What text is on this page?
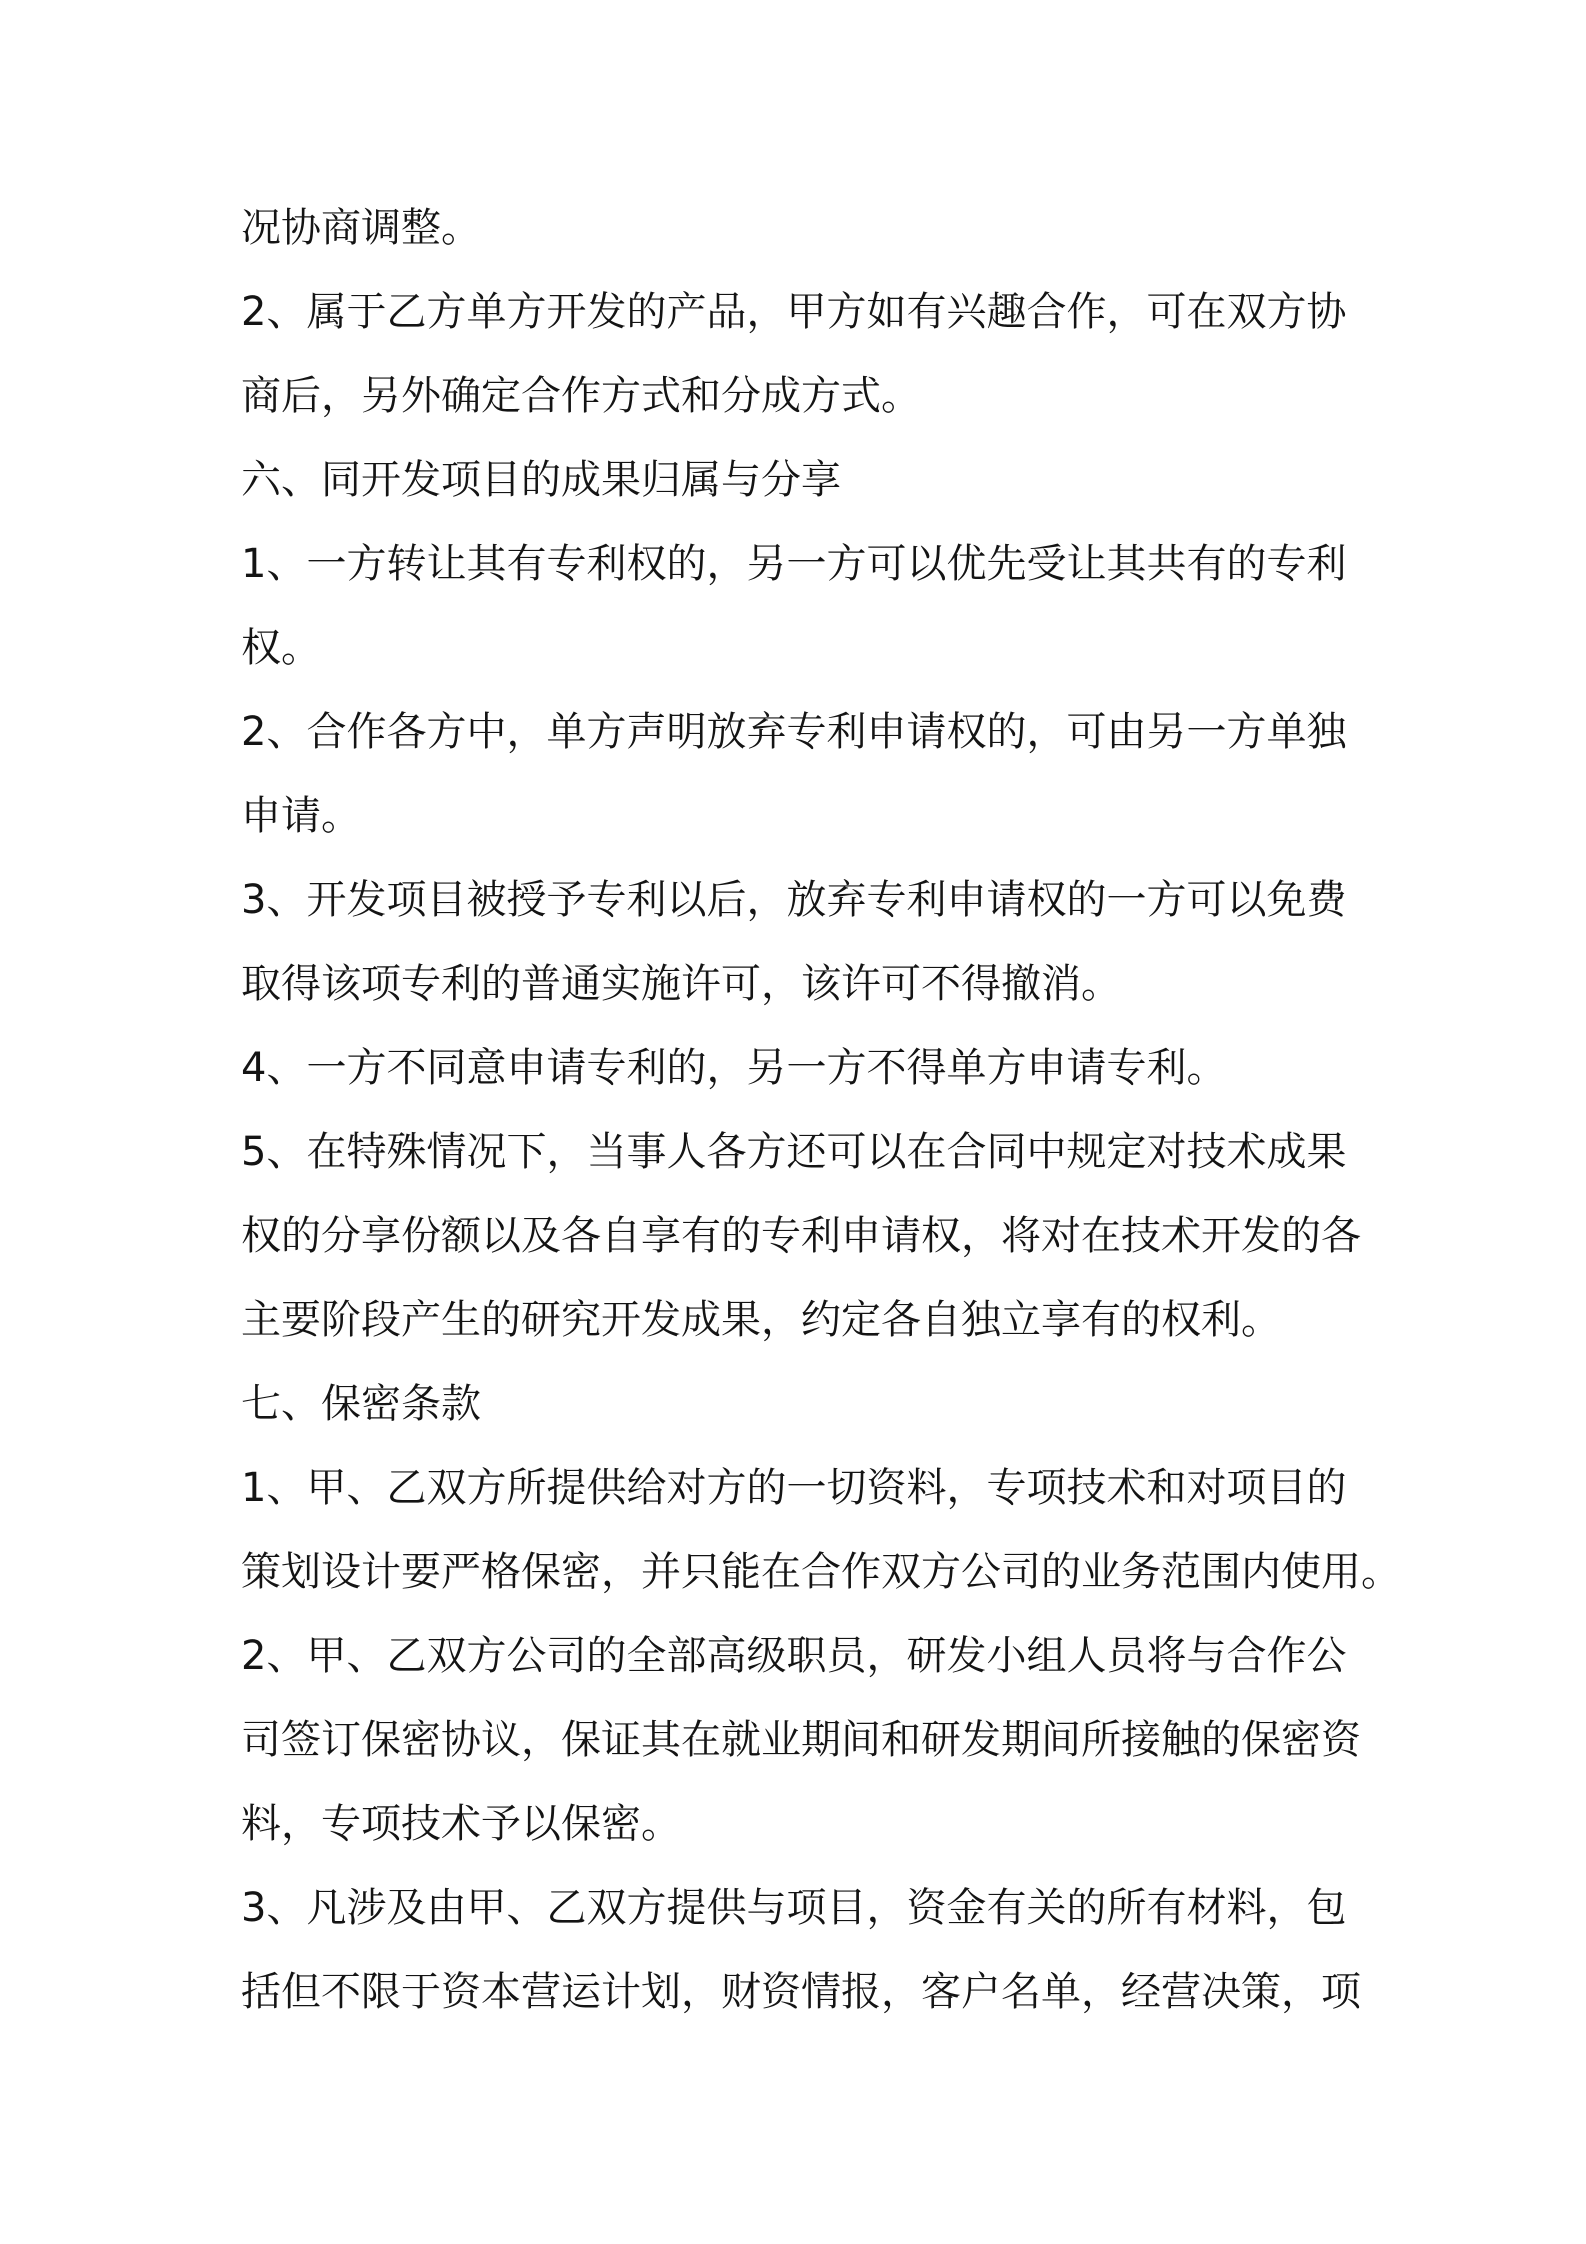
况协商调整。

2、属于乙方单方开发的产品，甲方如有兴趣合作，可在双方协

商后，另外确定合作方式和分成方式。

六、同开发项目的成果归属与分享

1、一方转让其有专利权的，另一方可以优先受让其共有的专利

权。

2、合作各方中，单方声明放弃专利申请权的，可由另一方单独

申请。

3、开发项目被授予专利以后，放弃专利申请权的一方可以免费

取得该项专利的普通实施许可，该许可不得撤消。

4、一方不同意申请专利的，另一方不得单方申请专利。

5、在特殊情况下，当事人各方还可以在合同中规定对技术成果

权的分享份额以及各自享有的专利申请权，将对在技术开发的各

主要阶段产生的研究开发成果，约定各自独立享有的权利。

七、保密条款

1、甲、乙双方所提供给对方的一切资料，专项技术和对项目的

策划设计要严格保密，并只能在合作双方公司的业务范围内使用。

2、甲、乙双方公司的全部高级职员，研发小组人员将与合作公

司签订保密协议，保证其在就业期间和研发期间所接触的保密资

料，专项技术予以保密。

3、凡涉及由甲、乙双方提供与项目，资金有关的所有材料，包

括但不限于资本营运计划，财资情报，客户名单，经营决策，项
